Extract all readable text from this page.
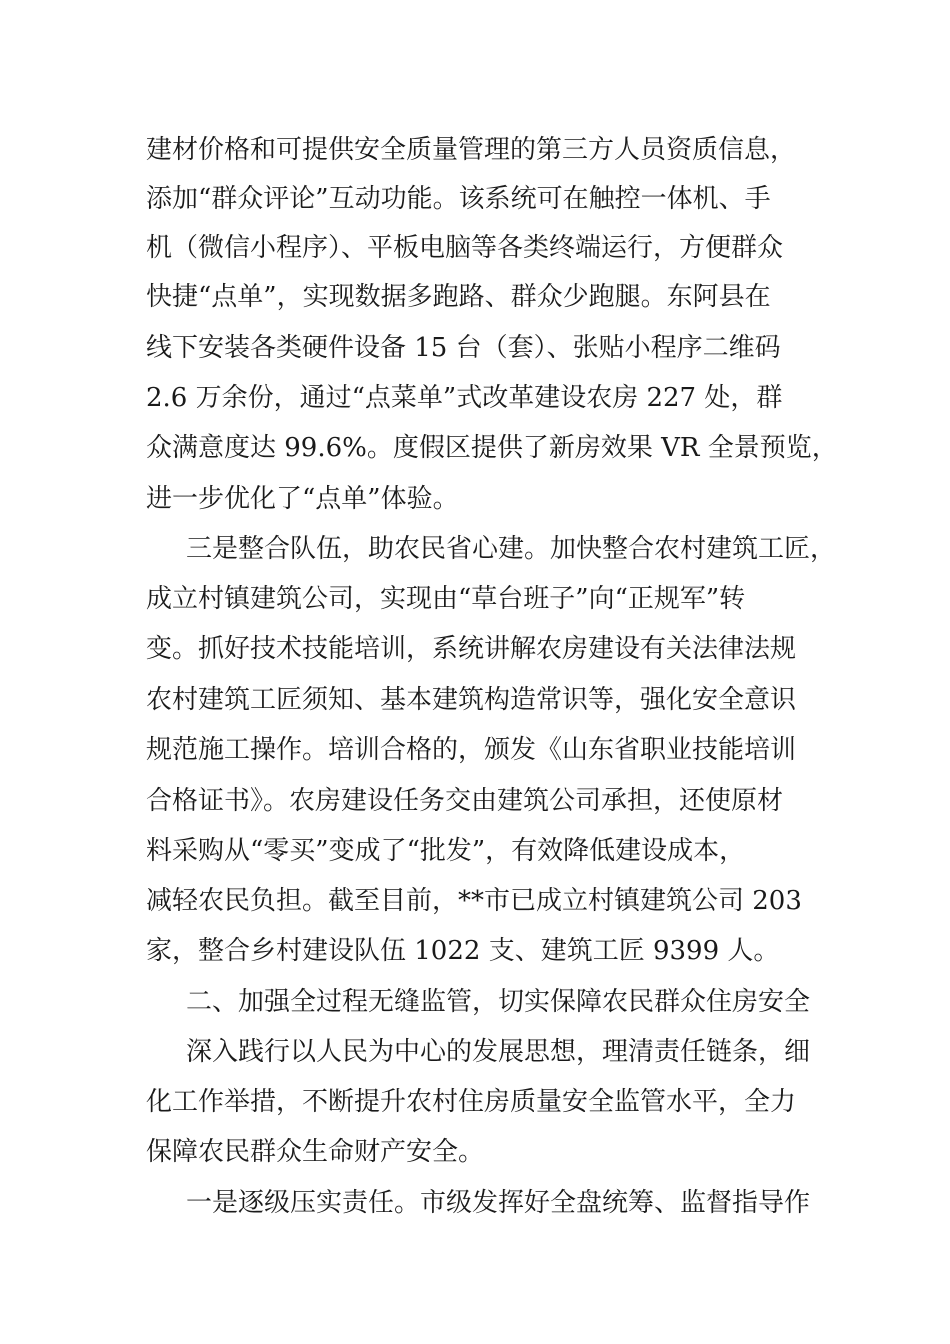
建材价格和可提供安全质量管理的第三方人员资质信息，
添加“群众评论”互动功能。该系统可在触控一体机、手
机（微信小程序）、平板电脑等各类终端运行，方便群众
快捷“点单”，实现数据多跑路、群众少跑腿。东阿县在
线下安装各类硬件设备 15 台（套）、张贴小程序二维码
2.6 万余份，通过“点菜单”式改革建设农房 227 处，群
众满意度达 99.6%。度假区提供了新房效果 VR 全景预览，
进一步优化了“点单”体验。
三是整合队伍，助农民省心建。加快整合农村建筑工匠，
成立村镇建筑公司，实现由“草台班子”向“正规军”转
变。抓好技术技能培训，系统讲解农房建设有关法律法规
农村建筑工匠须知、基本建筑构造常识等，强化安全意识
规范施工操作。培训合格的，颁发《山东省职业技能培训
合格证书》。农房建设任务交由建筑公司承担，还使原材
料采购从“零买”变成了“批发”，有效降低建设成本，
减轻农民负担。截至目前，**市已成立村镇建筑公司 203
家，整合乡村建设队伍 1022 支、建筑工匠 9399 人。
二、加强全过程无缝监管，切实保障农民群众住房安全
深入践行以人民为中心的发展思想，理清责任链条，细
化工作举措，不断提升农村住房质量安全监管水平，全力
保障农民群众生命财产安全。
一是逐级压实责任。市级发挥好全盘统筹、监督指导作
